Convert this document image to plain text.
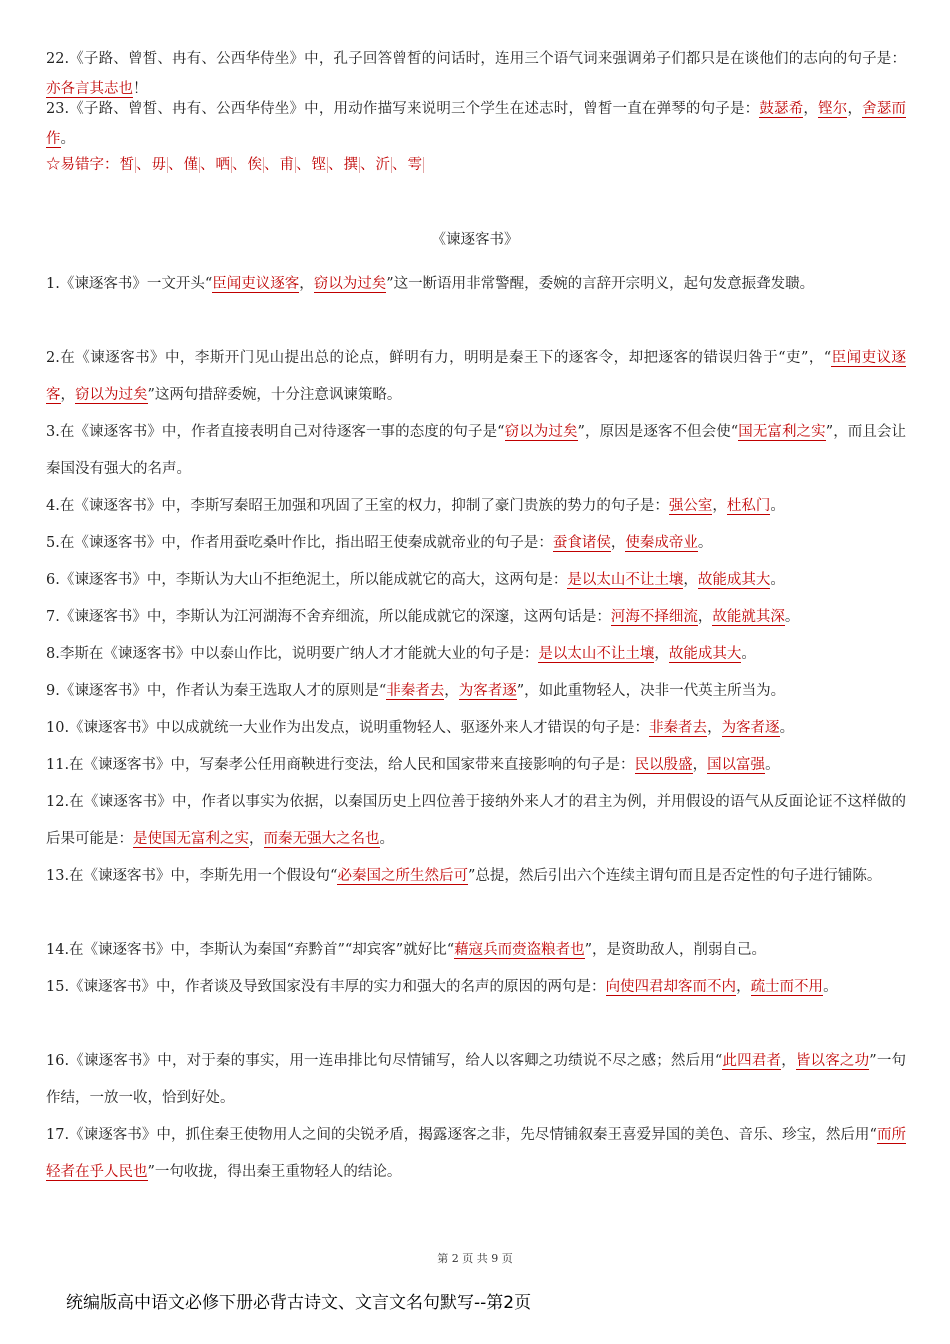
22.《子路、曾皙、冉有、公西华侍坐》中，孔子回答曾皙的问话时，连用三个语气词来强调弟子们都只是在谈他们的志向的句子是：亦各言其志也！
23.《子路、曾皙、冉有、公西华侍坐》中，用动作描写来说明三个学生在述志时，曾皙一直在弹琴的句子是：鼓瑟希，铿尔，舍瑟而作。
☆易错字：皙 、毋 、僅 、哂 、俟 、甫 、铿 、撰 、沂 、雩
《谏逐客书》
1.《谏逐客书》一文开头“臣闻吏议逐客，窃以为过矣”这一断语用非常警醒，委婉的言辞开宗明义，起句发意振聋发聩。
2.在《谏逐客书》中，李斯开门见山提出总的论点，鲜明有力，明明是秦王下的逐客令，却把逐客的错误归咎于“吏”，“臣闻吏议逐客，窃以为过矣”这两句措辞委婉，十分注意讽谏策略。
3.在《谏逐客书》中，作者直接表明自己对待逐客一事的态度的句子是“窃以为过矣”，原因是逐客不但会使“国无富利之实”，而且会让秦国没有强大的名声。
4.在《谏逐客书》中，李斯写秦昭王加强和巩固了王室的权力，抑制了豪门贵族的势力的句子是：强公室，杜私门。
5.在《谏逐客书》中，作者用蚕吃桑叶作比，指出昭王使秦成就帝业的句子是：蚕食诸侯，使秦成帝业。
6.《谏逐客书》中，李斯认为大山不拒绝泥土，所以能成就它的高大，这两句是：是以太山不让土壤，故能成其大。
7.《谏逐客书》中，李斯认为江河湖海不舍弃细流，所以能成就它的深邃，这两句话是：河海不择细流，故能就其深。
8.李斯在《谏逐客书》中以泰山作比，说明要广纳人才才能就大业的句子是：是以太山不让土壤，故能成其大。
9.《谏逐客书》中，作者认为秦王选取人才的原则是“非秦者去，为客者逐”，如此重物轻人，决非一代英主所当为。
10.《谏逐客书》中以成就统一大业作为出发点，说明重物轻人、驱逐外来人才错误的句子是：非秦者去，为客者逐。
11.在《谏逐客书》中，写秦孝公任用商鞅进行变法，给人民和国家带来直接影响的句子是：民以殷盛，国以富强。
12.在《谏逐客书》中，作者以事实为依据，以秦国历史上四位善于接纳外来人才的君主为例，并用假设的语气从反面论证不这样做的后果可能是：是使国无富利之实，而秦无强大之名也。
13.在《谏逐客书》中，李斯先用一个假设句“必秦国之所生然后可”总提，然后引出六个连续主谓句而且是否定性的句子进行铺陈。
14.在《谏逐客书》中，李斯认为秦国“弃黔首”“却宾客”就好比“藉寇兵而赍盗粮者也”，是资助敌人，削弱自己。
15.《谏逐客书》中，作者谈及导致国家没有丰厚的实力和强大的名声的原因的两句是：向使四君却客而不内，疏士而不用。
16.《谏逐客书》中，对于秦的事实，用一连串排比句尽情铺写，给人以客卿之功绩说不尽之感；然后用“此四君者，皆以客之功”一句作结，一放一收，恰到好处。
17.《谏逐客书》中，抓住秦王使物用人之间的尖锐矛盾，揭露逐客之非，先尽情铺叙秦王喜爱异国的美色、音乐、珍宝，然后用“而所轻者在乎人民也”一句收拢，得出秦王重物轻人的结论。
第 2 页 共 9 页
统编版高中语文必修下册必背古诗文、文言文名句默写--第2页
